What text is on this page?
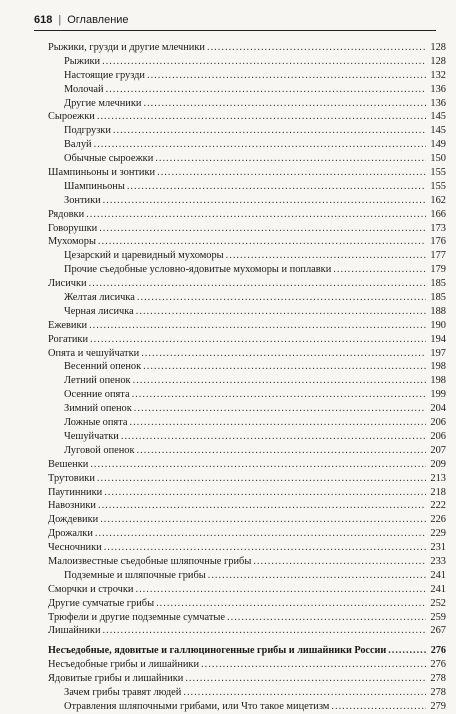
618 | Оглавление
Рыжики, грузди и другие млечники .....	128
Рыжики .....	128
Настоящие грузди .....	132
Молочай .....	136
Другие млечники .....	136
Сыроежки .....	145
Подгрузки .....	145
Валуй .....	149
Обычные сыроежки .....	150
Шампиньоны и зонтики .....	155
Шампиньоны .....	155
Зонтики .....	162
Рядовки .....	166
Говорушки .....	173
Мухоморы .....	176
Цезарский и царевидный мухоморы .....	177
Прочие съедобные условно-ядовитые мухоморы и поплавки .....	179
Лисички .....	185
Желтая лисичка .....	185
Черная лисичка .....	188
Ежевики .....	190
Рогатики .....	194
Опята и чешуйчатки .....	197
Весенний опенок .....	198
Летний опенок .....	198
Осенние опята .....	199
Зимний опенок .....	204
Ложные опята .....	206
Чешуйчатки .....	206
Луговой опенок .....	207
Вешенки .....	209
Трутовики .....	213
Паутинники .....	218
Навозники .....	222
Дождевики .....	226
Дрожалки .....	229
Чесночники .....	231
Малоизвестные съедобные шляпочные грибы .....	233
Подземные и шляпочные грибы .....	241
Сморчки и строчки .....	241
Другие сумчатые грибы .....	252
Трюфели и другие подземные сумчатые .....	259
Лишайники .....	267
Несъедобные, ядовитые и галлюциногенные грибы и лишайники России .....	276
Несъедобные грибы и лишайники .....	276
Ядовитые грибы и лишайники .....	278
Зачем грибы травят людей .....	278
Отравления шляпочными грибами, или Что такое мицетизм .....	279
